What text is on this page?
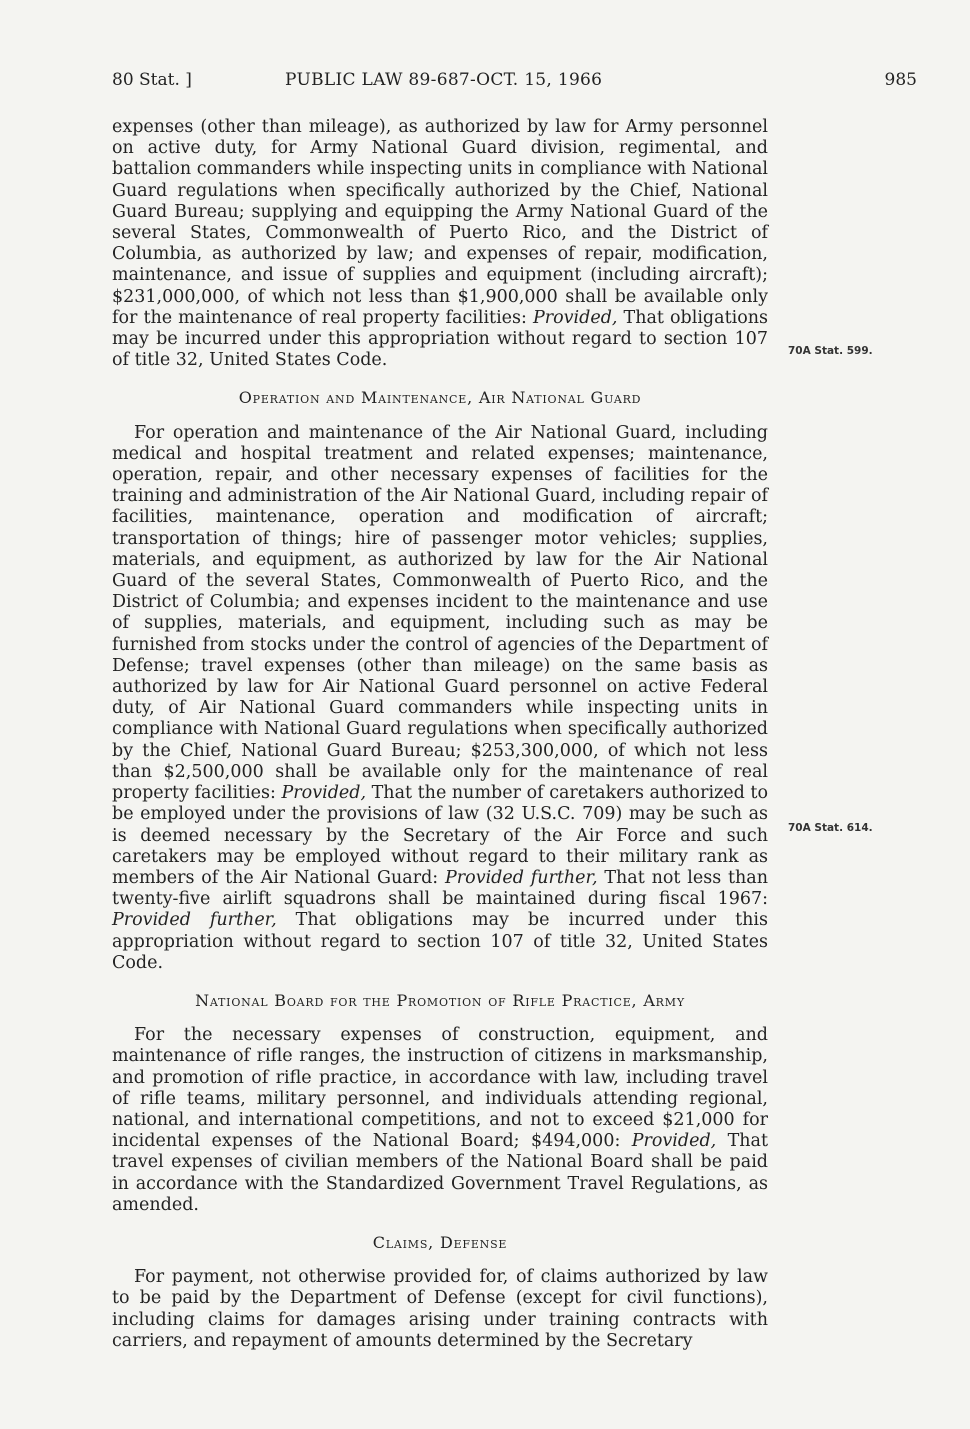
80 Stat. ]	PUBLIC LAW 89-687-OCT. 15, 1966	985

expenses (other than mileage), as authorized by law for Army personnel on active duty, for Army National Guard division, regimental, and battalion commanders while inspecting units in compliance with National Guard regulations when specifically authorized by the Chief, National Guard Bureau; supplying and equipping the Army National Guard of the several States, Commonwealth of Puerto Rico, and the District of Columbia, as authorized by law; and expenses of repair, modification, maintenance, and issue of supplies and equipment (including aircraft); $231,000,000, of which not less than $1,900,000 shall be available only for the maintenance of real property facilities: Provided, That obligations may be incurred under this appropriation without regard to section 107 of title 32, United States Code.

Operation and Maintenance, Air National Guard

For operation and maintenance of the Air National Guard, including medical and hospital treatment and related expenses; maintenance, operation, repair, and other necessary expenses of facilities for the training and administration of the Air National Guard, including repair of facilities, maintenance, operation and modification of aircraft; transportation of things; hire of passenger motor vehicles; supplies, materials, and equipment, as authorized by law for the Air National Guard of the several States, Commonwealth of Puerto Rico, and the District of Columbia; and expenses incident to the maintenance and use of supplies, materials, and equipment, including such as may be furnished from stocks under the control of agencies of the Department of Defense; travel expenses (other than mileage) on the same basis as authorized by law for Air National Guard personnel on active Federal duty, of Air National Guard commanders while inspecting units in compliance with National Guard regulations when specifically authorized by the Chief, National Guard Bureau; $253,300,000, of which not less than $2,500,000 shall be available only for the maintenance of real property facilities: Provided, That the number of caretakers authorized to be employed under the provisions of law (32 U.S.C. 709) may be such as is deemed necessary by the Secretary of the Air Force and such caretakers may be employed without regard to their military rank as members of the Air National Guard: Provided further, That not less than twenty-five airlift squadrons shall be maintained during fiscal 1967: Provided further, That obligations may be incurred under this appropriation without regard to section 107 of title 32, United States Code.

National Board for the Promotion of Rifle Practice, Army

For the necessary expenses of construction, equipment, and maintenance of rifle ranges, the instruction of citizens in marksmanship, and promotion of rifle practice, in accordance with law, including travel of rifle teams, military personnel, and individuals attending regional, national, and international competitions, and not to exceed $21,000 for incidental expenses of the National Board; $494,000: Provided, That travel expenses of civilian members of the National Board shall be paid in accordance with the Standardized Government Travel Regulations, as amended.

Claims, Defense

For payment, not otherwise provided for, of claims authorized by law to be paid by the Department of Defense (except for civil functions), including claims for damages arising under training contracts with carriers, and repayment of amounts determined by the Secretary

70A Stat. 599.
70A Stat. 614.
